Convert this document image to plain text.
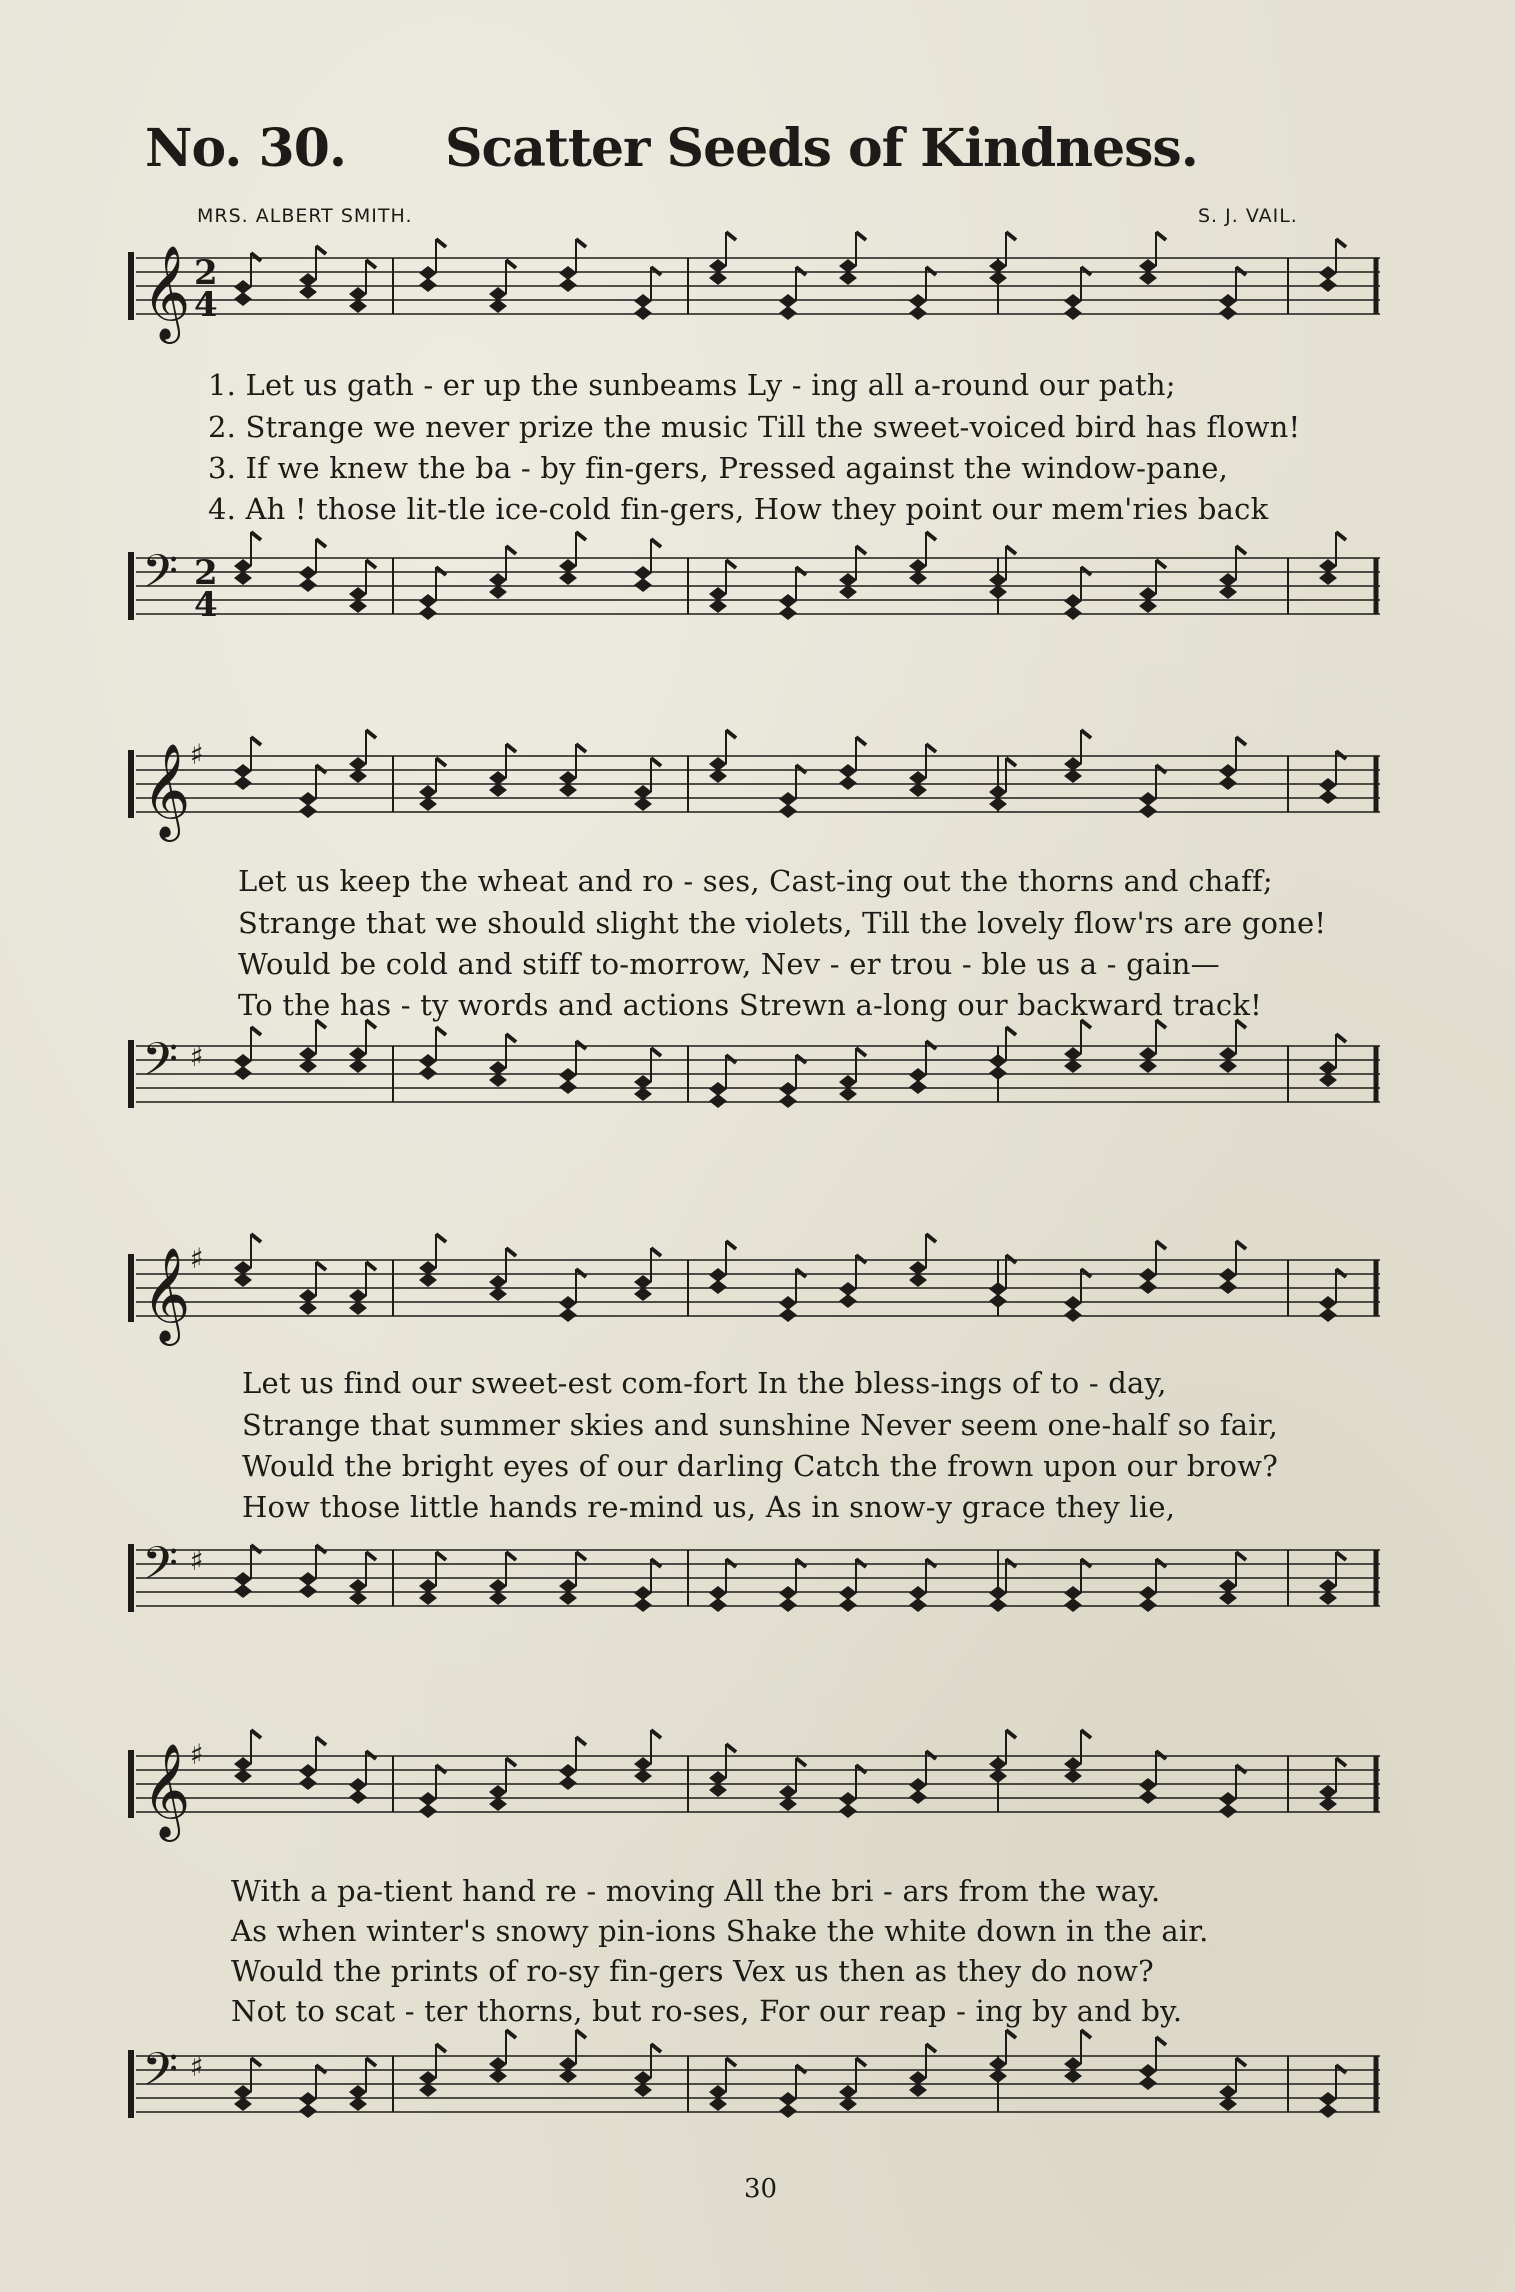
No. 30. Scatter Seeds of Kindness.
MRS. ALBERT SMITH.	S. J. VAIL.
𝄞 2
4
1. Let us gath - er up the sunbeams Ly - ing all a-round our path;
2. Strange we never prize the music Till the sweet-voiced bird has flown!
3. If we knew the ba - by fin-gers, Pressed against the window-pane,
4. Ah ! those lit-tle ice-cold fin-gers, How they point our mem'ries back
𝄢 2
4
𝄞 ♯
Let us keep the wheat and ro - ses, Cast-ing out the thorns and chaff;
Strange that we should slight the violets, Till the lovely flow'rs are gone!
Would be cold and stiff to-morrow, Nev - er trou - ble us a - gain—
To the has - ty words and actions Strewn a-long our backward track!
𝄢 ♯
𝄞 ♯
Let us find our sweet-est com-fort In the bless-ings of to - day,
Strange that summer skies and sunshine Never seem one-half so fair,
Would the bright eyes of our darling Catch the frown upon our brow?
How those little hands re-mind us, As in snow-y grace they lie,
𝄢 ♯
𝄞 ♯
With a pa-tient hand re - moving All the bri - ars from the way.
As when winter's snowy pin-ions Shake the white down in the air.
Would the prints of ro-sy fin-gers Vex us then as they do now?
Not to scat - ter thorns, but ro-ses, For our reap - ing by and by.
𝄢 ♯
30
